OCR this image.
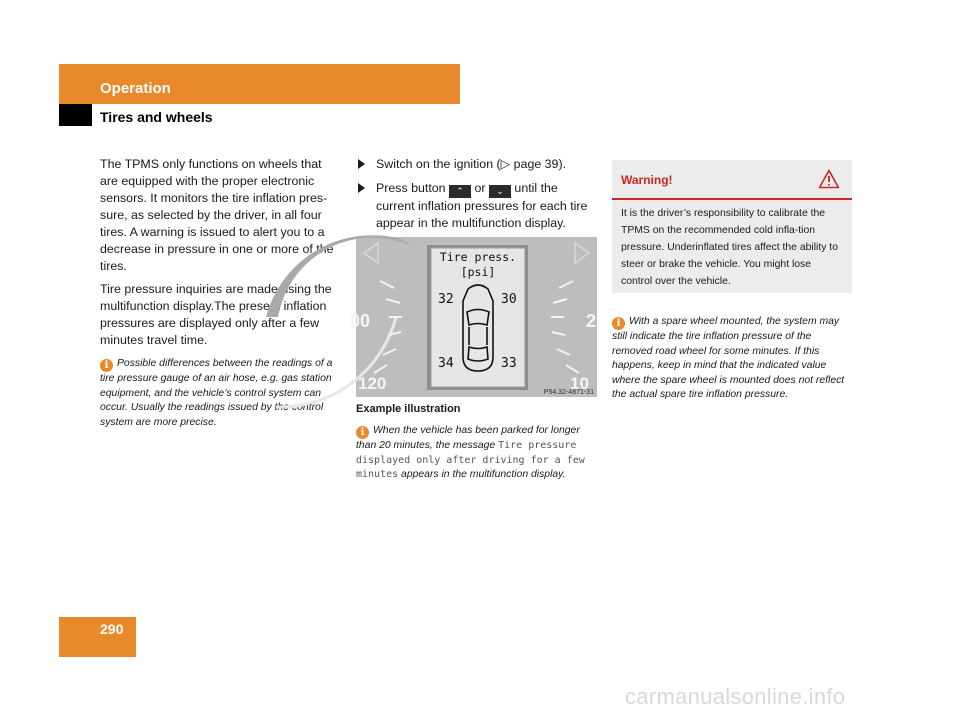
Operation
Tires and wheels

The TPMS only functions on wheels that are equipped with the proper electronic sensors. It monitors the tire inflation pres-sure, as selected by the driver, in all four tires. A warning is issued to alert you to a decrease in pressure in one or more of the tires.

Tire pressure inquiries are made using the multifunction display.The present inflation pressures are displayed only after a few minutes travel time.

i Possible differences between the readings of a tire pressure gauge of an air hose, e.g. gas station equipment, and the vehicle’s control system can occur. Usually the readings issued by the control system are more precise.
Switch on the ignition (▷ page 39).
Press button ⌃ or ⌄ until the current inflation pressures for each tire appear in the multifunction display.
00
120
2
10
Tire press.
[psi]
32	30
34	33
P54.32-4871-31
Example illustration
i When the vehicle has been parked for longer than 20 minutes, the message Tire pressure displayed only after driving for a few minutes appears in the multifunction display.
Warning!
It is the driver’s responsibility to calibrate the TPMS on the recommended cold infla-tion pressure. Underinflated tires affect the ability to steer or brake the vehicle. You might lose control over the vehicle.
i With a spare wheel mounted, the system may still indicate the tire inflation pressure of the removed road wheel for some minutes. If this happens, keep in mind that the indicated value where the spare wheel is mounted does not reflect the actual spare tire inflation pressure.
290
carmanualsonline.info
